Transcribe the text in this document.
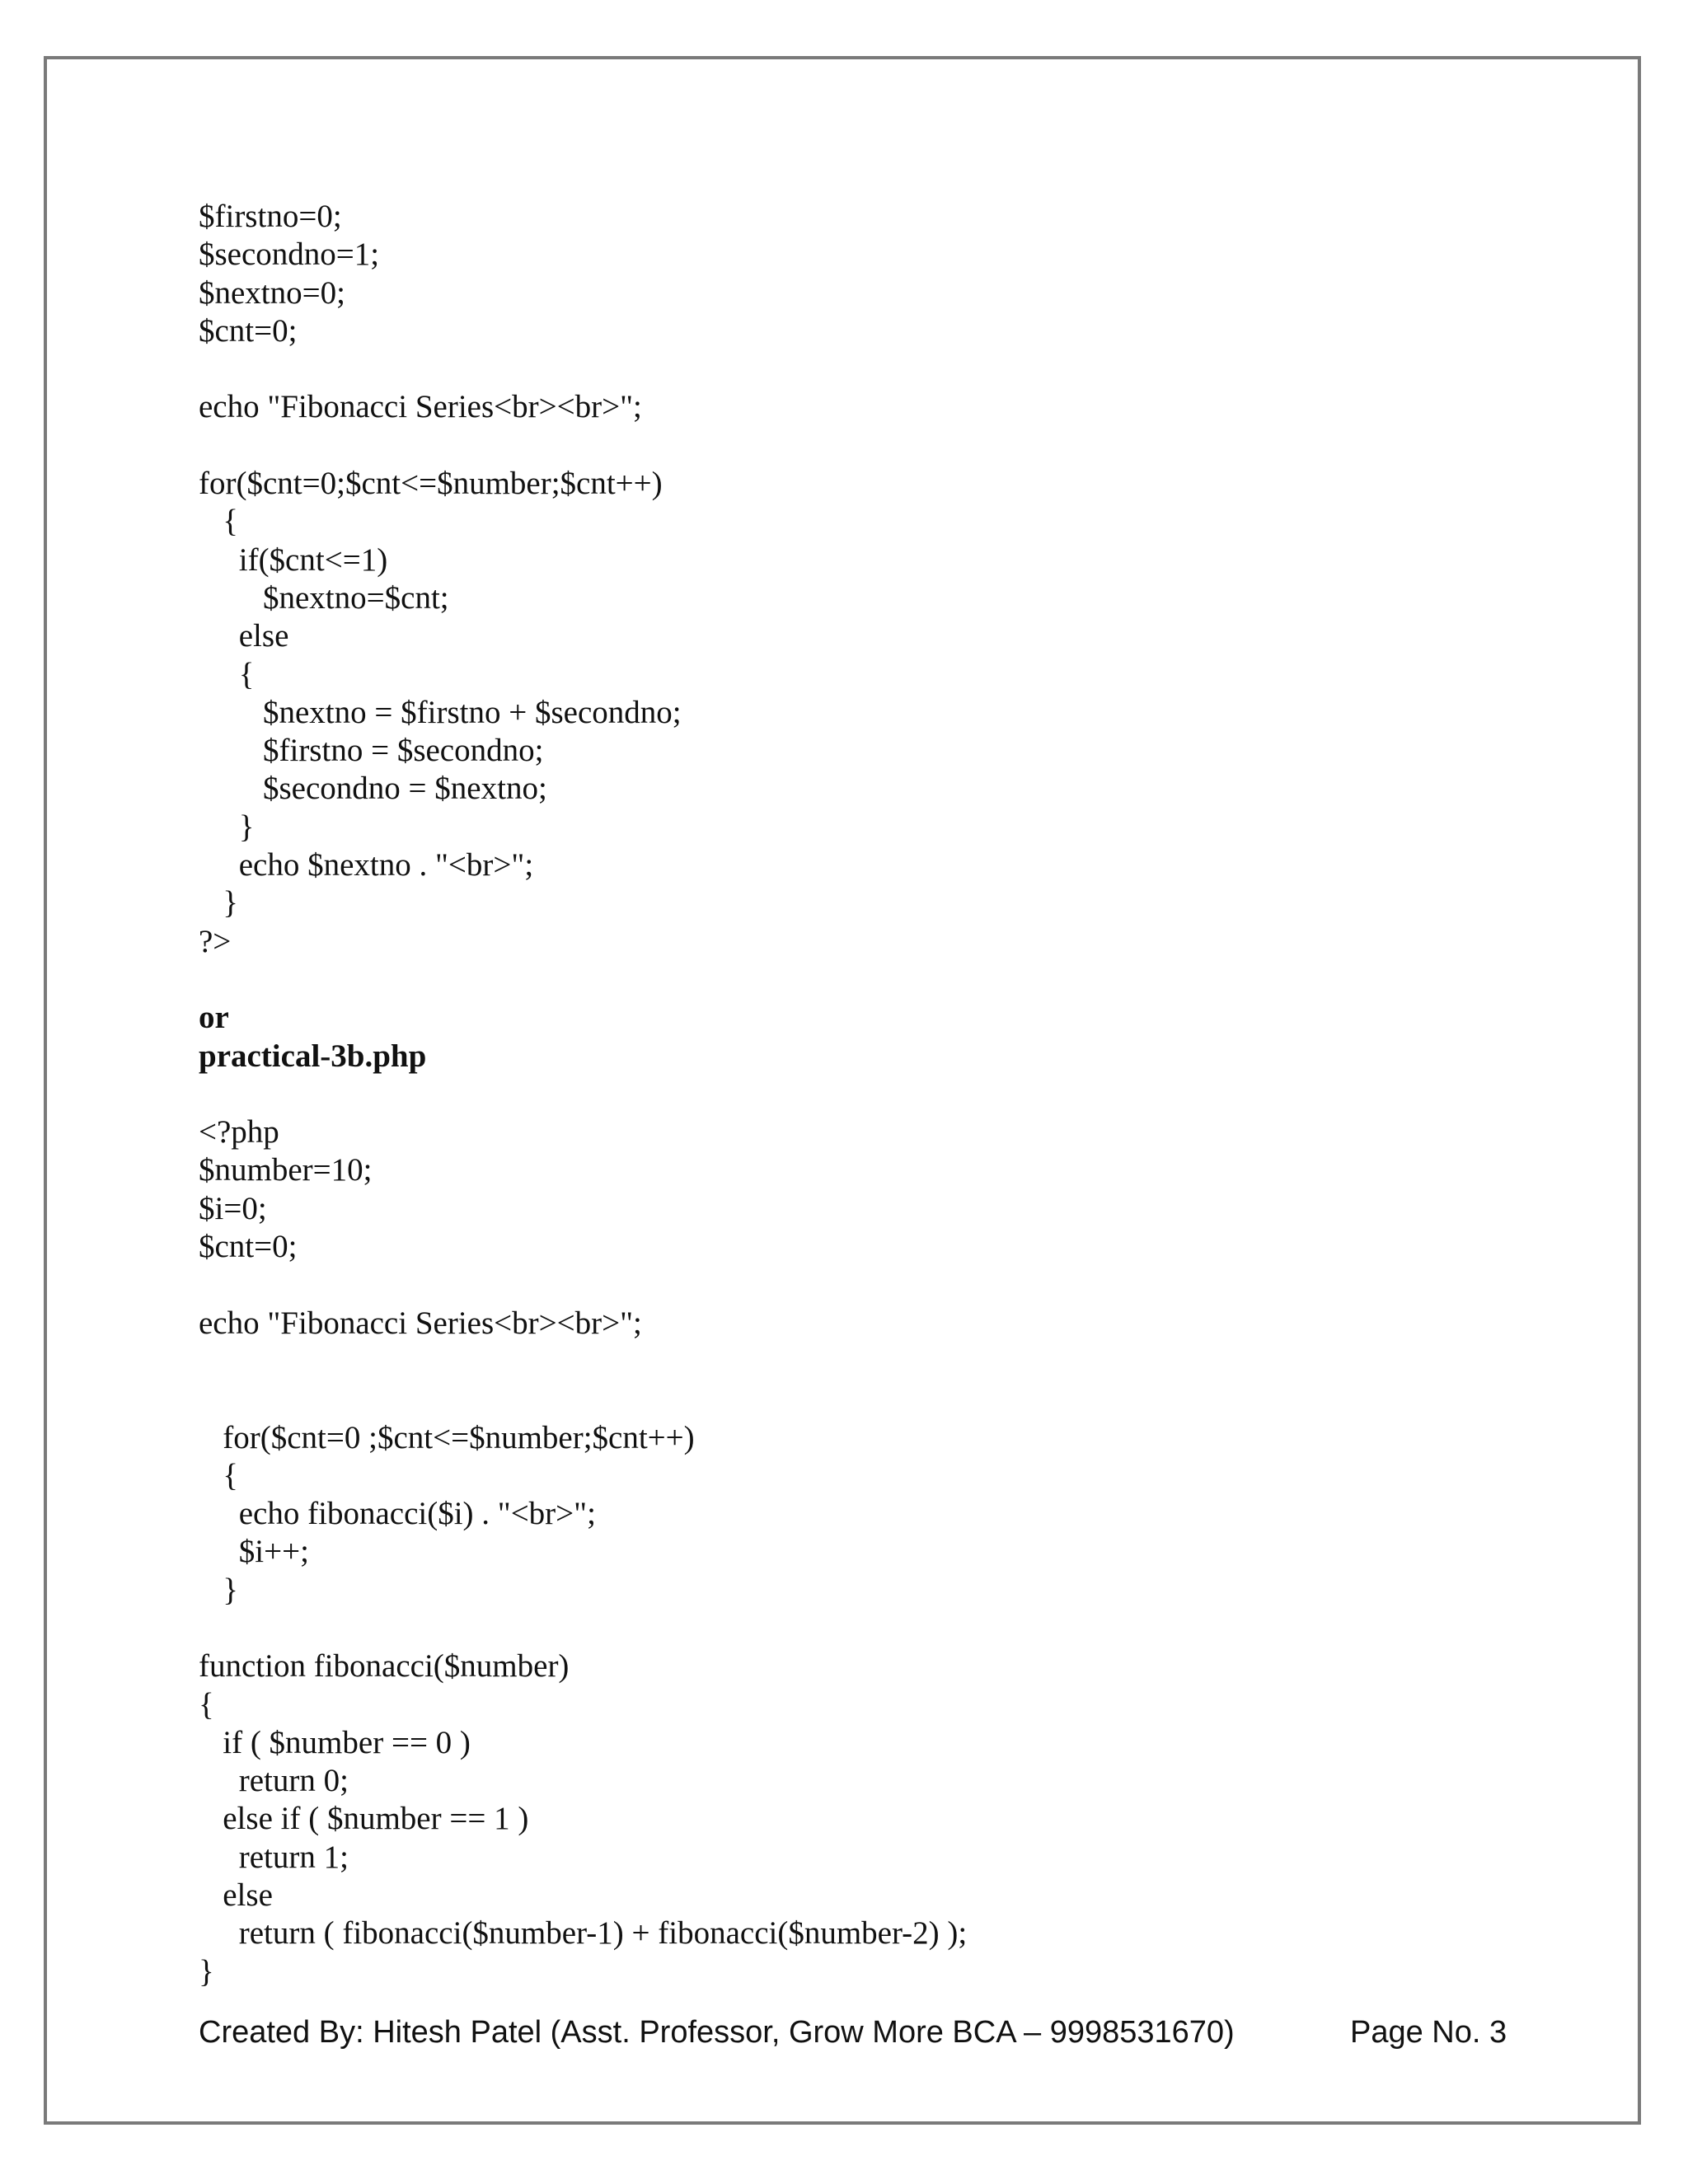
$firstno=0;
$secondno=1;
$nextno=0;
$cnt=0;
echo "Fibonacci Series<br><br>";
for($cnt=0;$cnt<=$number;$cnt++)
{
if($cnt<=1)
$nextno=$cnt;
else
{
$nextno = $firstno + $secondno;
$firstno = $secondno;
$secondno = $nextno;
}
echo $nextno . "<br>";
}
?>
or
practical-3b.php
<?php
$number=10;
$i=0;
$cnt=0;
echo "Fibonacci Series<br><br>";
for($cnt=0 ;$cnt<=$number;$cnt++)
{
echo fibonacci($i) . "<br>";
$i++;
}
function fibonacci($number)
{
if ( $number == 0 )
return 0;
else if ( $number == 1 )
return 1;
else
return ( fibonacci($number-1) + fibonacci($number-2) );
}
Created By: Hitesh Patel (Asst. Professor, Grow More BCA – 9998531670)	Page No. 3
